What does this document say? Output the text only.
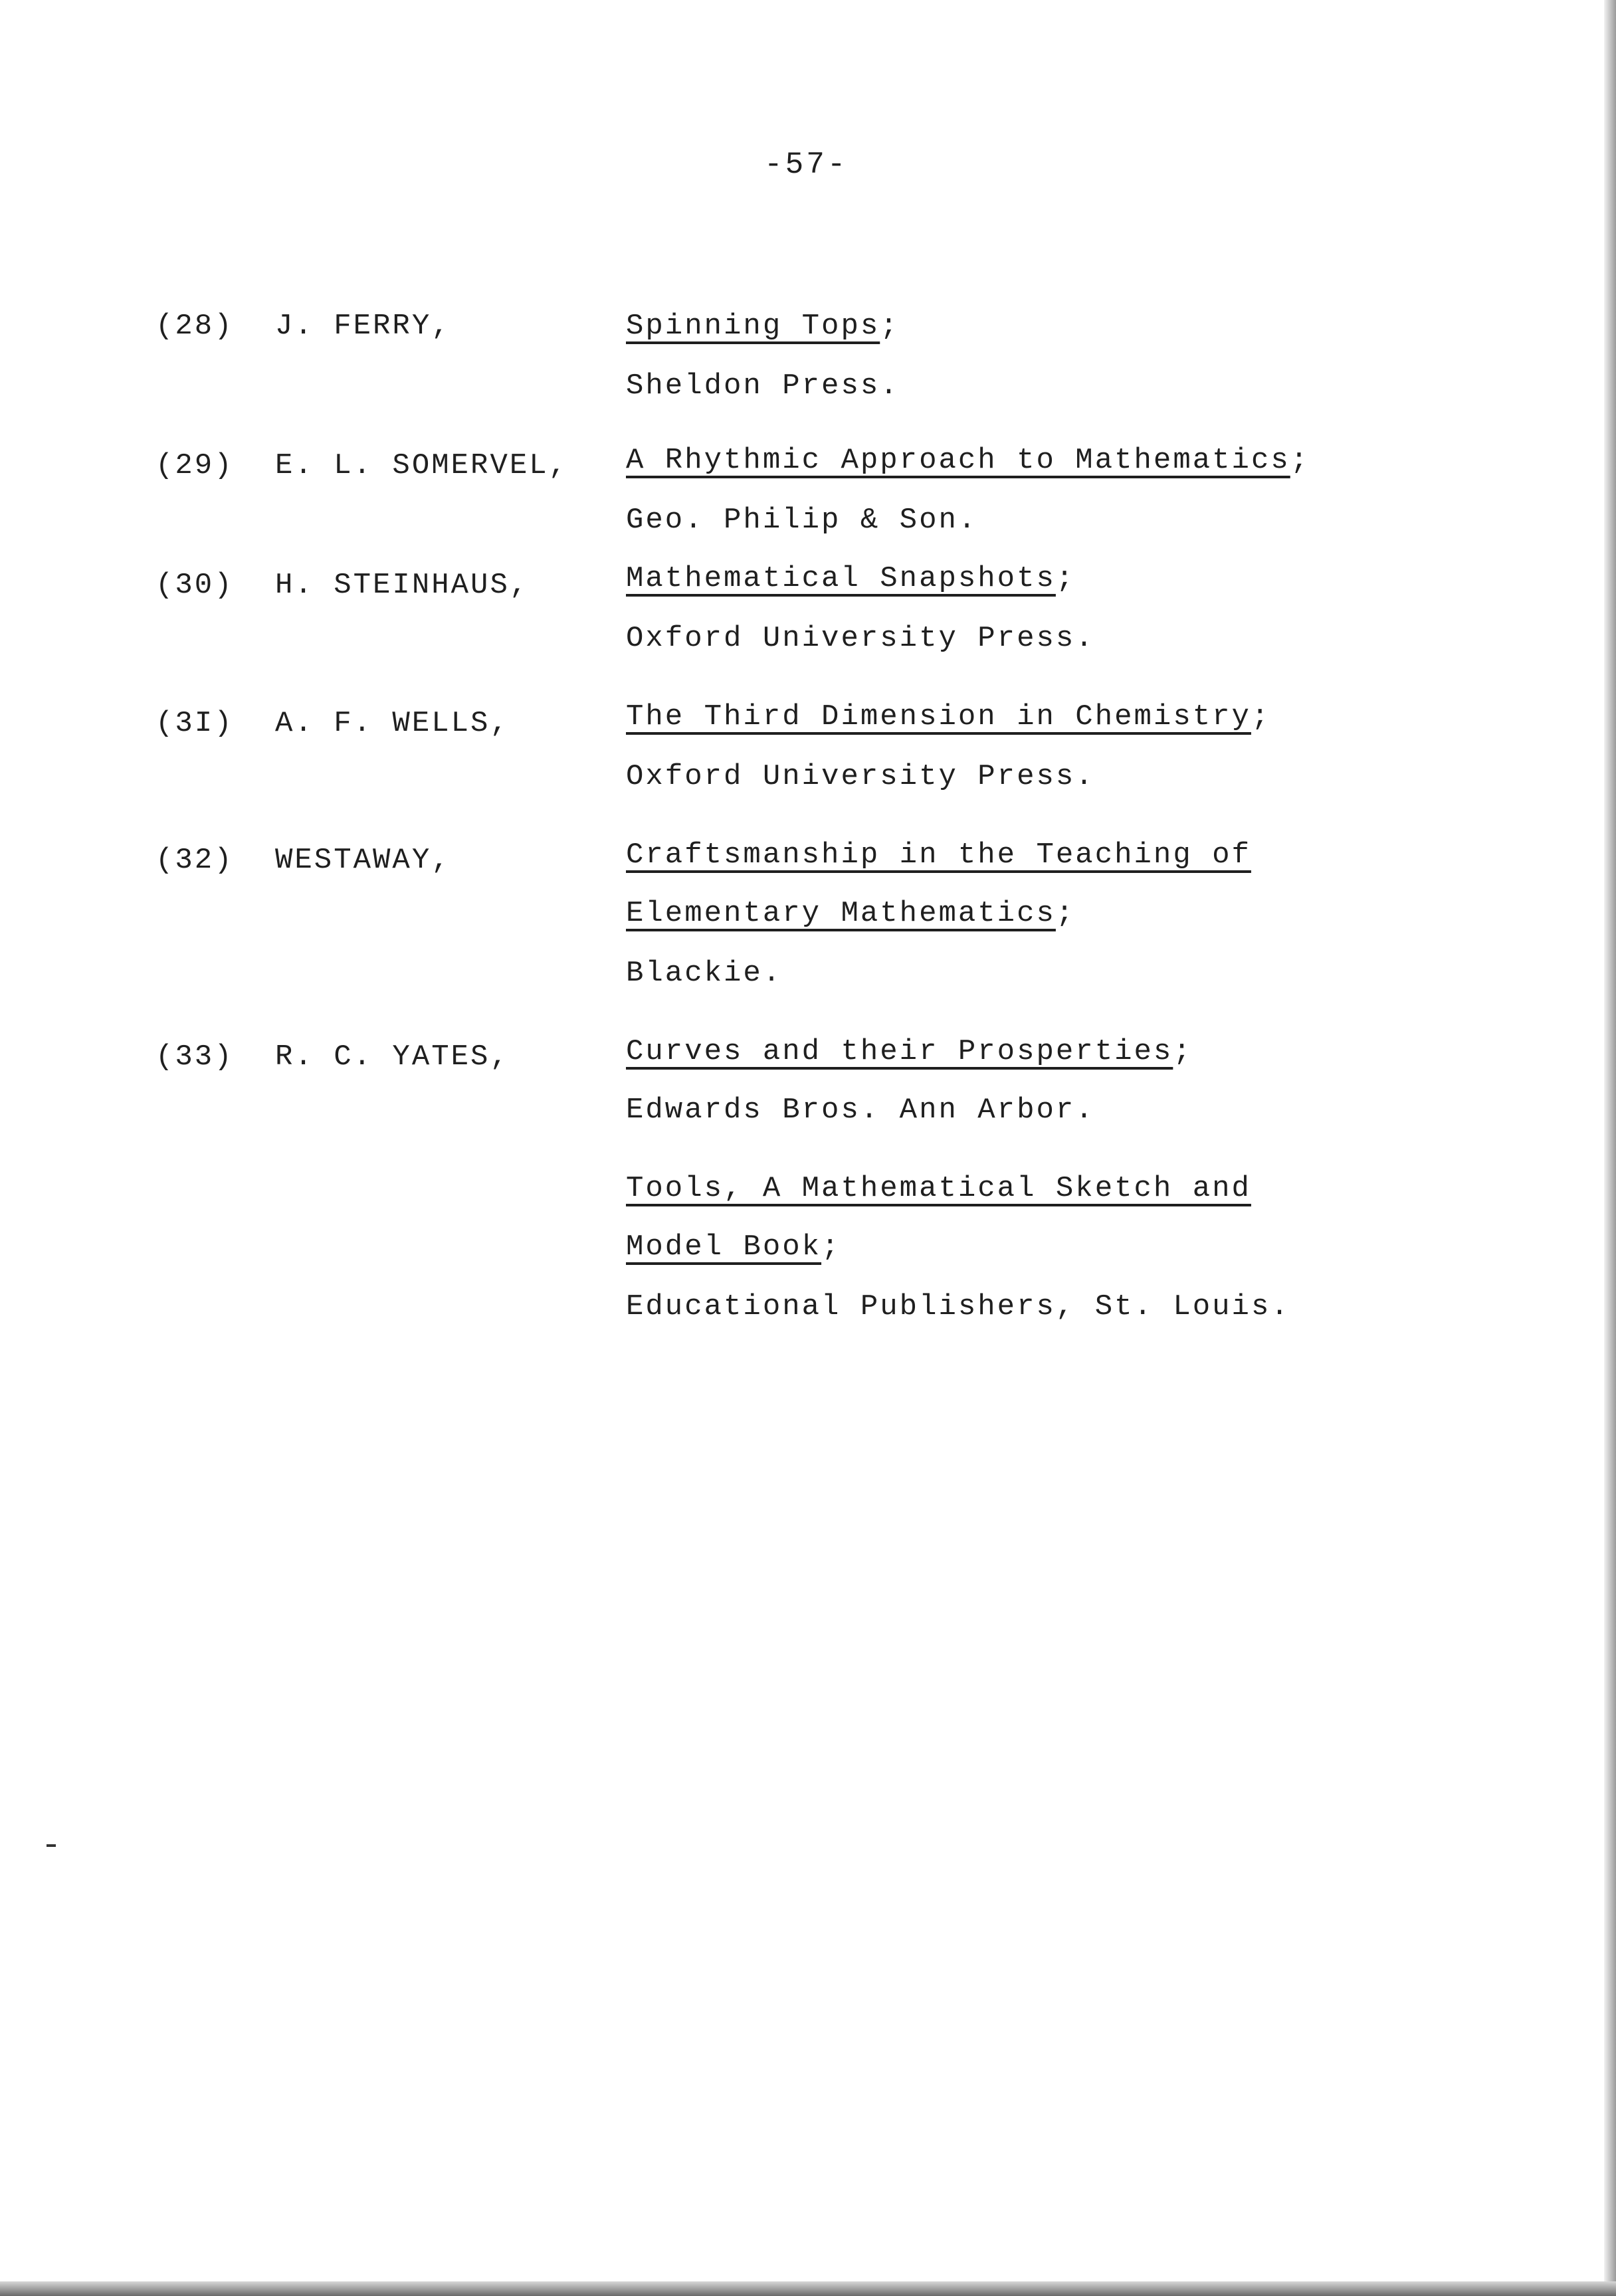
-57-
(28) J. FERRY,	Spinning Tops;
Sheldon Press.
(29) E. L. SOMERVEL, A Rhythmic Approach to Mathematics;
Geo. Philip & Son.
(30) H. STEINHAUS,	Mathematical Snapshots;
Oxford University Press.
(3I) A. F. WELLS,	The Third Dimension in Chemistry;
Oxford University Press.
(32) WESTAWAY,	Craftsmanship in the Teaching of
Elementary Mathematics;
Blackie.
(33) R. C. YATES,	Curves and their Prosperties;
Edwards Bros. Ann Arbor.
Tools, A Mathematical Sketch and
Model Book;
Educational Publishers, St. Louis.
